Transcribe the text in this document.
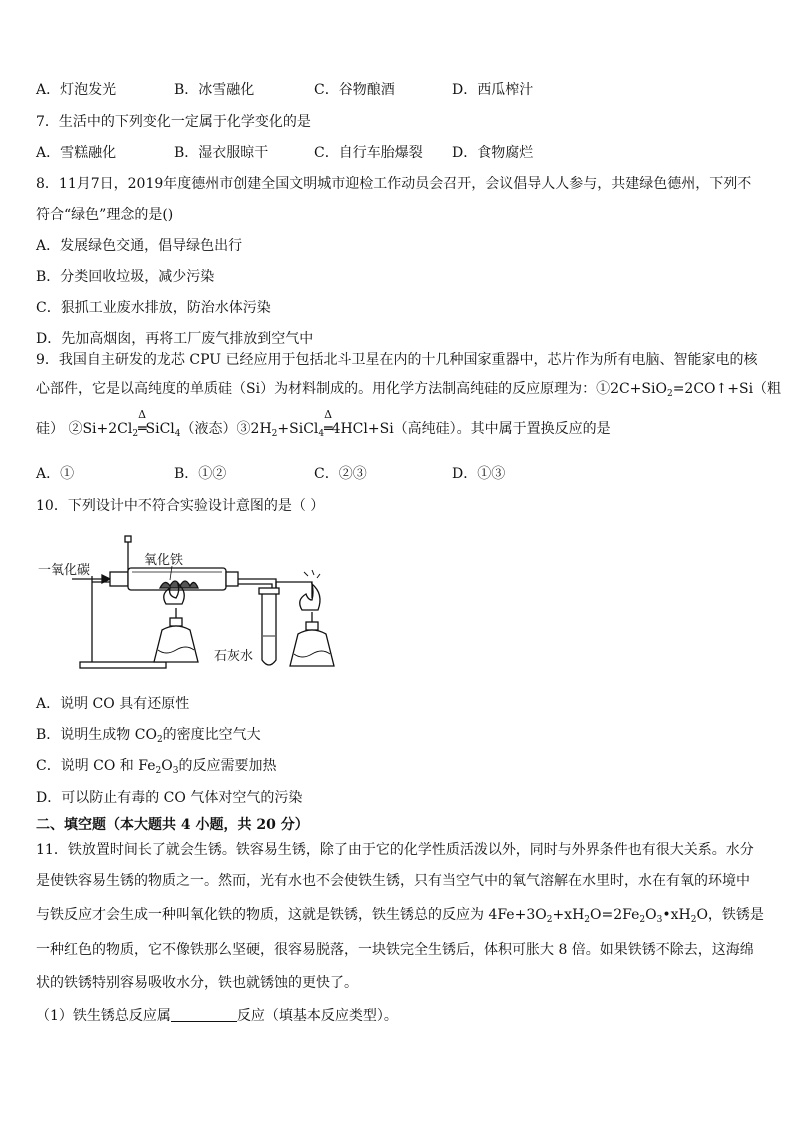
A．灯泡发光	B．冰雪融化	C．谷物酿酒	D．西瓜榨汁
7．生活中的下列变化一定属于化学变化的是
A．雪糕融化	B．湿衣服晾干	C．自行车胎爆裂 D．食物腐烂
8．11月7日，2019年度德州市创建全国文明城市迎检工作动员会召开，会议倡导人人参与，共建绿色德州，下列不
符合“绿色”理念的是()
A．发展绿色交通，倡导绿色出行
B．分类回收垃圾，减少污染
C．狠抓工业废水排放，防治水体污染
D．先加高烟囱，再将工厂废气排放到空气中
9．我国自主研发的龙芯 CPU 已经应用于包括北斗卫星在内的十几种国家重器中，芯片作为所有电脑、智能家电的核
心部件，它是以高纯度的单质硅（Si）为材料制成的。用化学方法制高纯硅的反应原理为：①2C+SiO$_2$=2CO↑+Si（粗
硅） $②Si+2Cl_2$
Δ
═SiCl$_4$（液态）$③2H_2+SiCl_4$
Δ
═4HCl+Si（高纯硅）。其中属于置换反应的是
A．①	B．①②	C．②③	D．①③
10．下列设计中不符合实验设计意图的是（ ）
一氧化碳
氧化铁
石灰水
A．说明 CO 具有还原性
B．说明生成物 $CO_2$的密度比空气大
C．说明 CO 和 $Fe_2O_3$的反应需要加热
D．可以防止有毒的 CO 气体对空气的污染
二、填空题（本大题共 4 小题，共 20 分）
11．铁放置时间长了就会生锈。铁容易生锈，除了由于它的化学性质活泼以外，同时与外界条件也有很大关系。水分
是使铁容易生锈的物质之一。然而，光有水也不会使铁生锈，只有当空气中的氧气溶解在水里时，水在有氧的环境中
与铁反应才会生成一种叫氧化铁的物质，这就是铁锈，铁生锈总的反应为 $4Fe+3O_2+xH_2O=2Fe_2O_3•xH_2O$，铁锈是
一种红色的物质，它不像铁那么坚硬，很容易脱落，一块铁完全生锈后，体积可胀大 8 倍。如果铁锈不除去，这海绵
状的铁锈特别容易吸收水分，铁也就锈蚀的更快了。
（1）铁生锈总反应属	反应（填基本反应类型）。
